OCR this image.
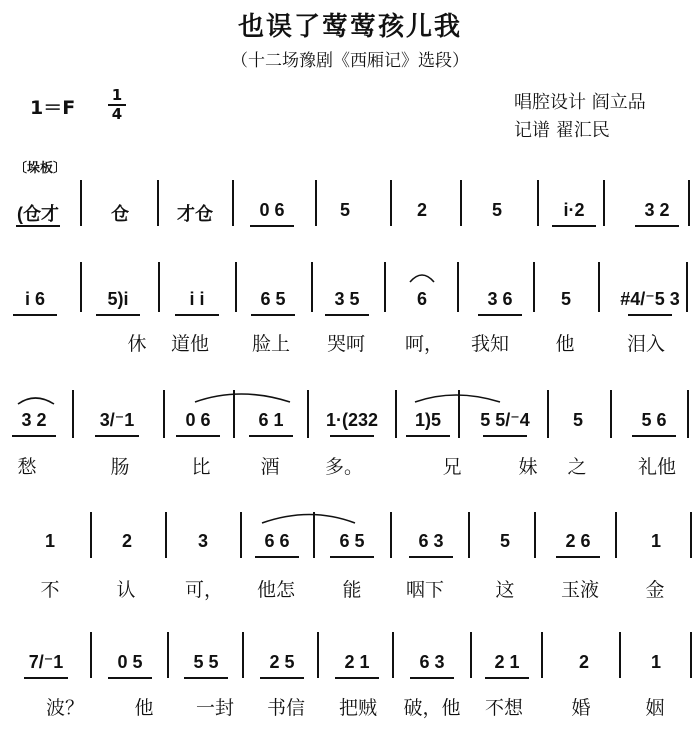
也误了莺莺孩儿我
（十二场豫剧《西厢记》选段）
1＝F
1
4
唱腔设计 阎立品
记谱 翟汇民
〔垛板〕
(仓才	仓	才仓	0 6	5	2	5	i·2	3 2
i 6	5)i	i i	6 5	3 5	6	3 6	5	#4/⁻5 3
休 道他 脸上 哭呵 呵， 我知 他	泪入
3 2	3/⁻1	0 6	6 1 1·(232 1)5 5 5/⁻4 5	5 6
愁	肠	比	酒 多。	兄	妹 之	礼他
1	2	3	6 6	6 5	6 3	5	2 6	1
不	认	可， 他怎 能 咽下	这 玉液 金
7/⁻1	0 5	5 5	2 5	2 1	6 3	2 1	2	1
波？	他 一封 书信 把贼 破，他 不想	婚	姻
